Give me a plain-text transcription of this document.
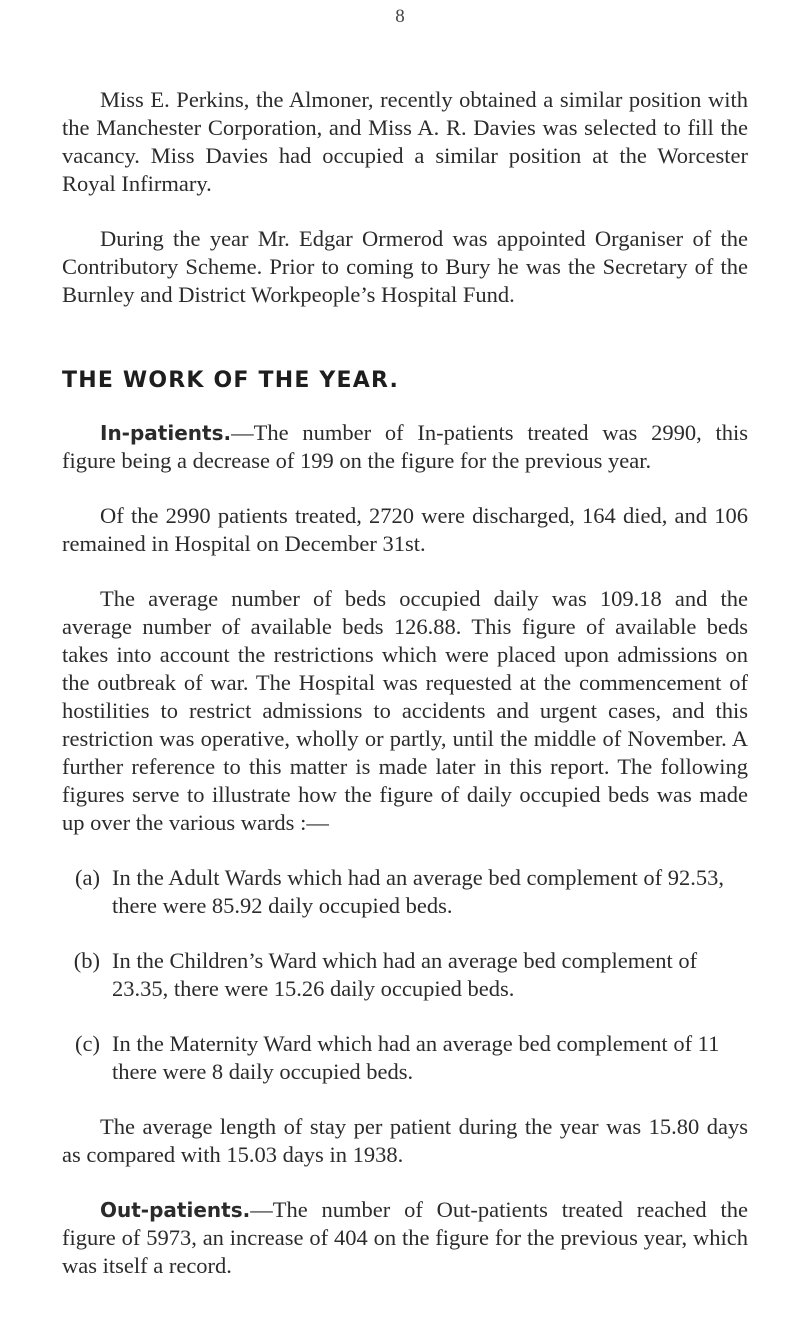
8

Miss E. Perkins, the Almoner, recently obtained a similar position with the Manchester Corporation, and Miss A. R. Davies was selected to fill the vacancy. Miss Davies had occupied a similar position at the Worcester Royal Infirmary.

During the year Mr. Edgar Ormerod was appointed Organiser of the Contributory Scheme. Prior to coming to Bury he was the Secretary of the Burnley and District Workpeople’s Hospital Fund.

THE WORK OF THE YEAR.

In-patients.—The number of In-patients treated was 2990, this figure being a decrease of 199 on the figure for the previous year.

Of the 2990 patients treated, 2720 were discharged, 164 died, and 106 remained in Hospital on December 31st.

The average number of beds occupied daily was 109.18 and the average number of available beds 126.88. This figure of available beds takes into account the restrictions which were placed upon admissions on the outbreak of war. The Hospital was requested at the commencement of hostilities to restrict admissions to accidents and urgent cases, and this restriction was operative, wholly or partly, until the middle of November. A further reference to this matter is made later in this report. The following figures serve to illustrate how the figure of daily occupied beds was made up over the various wards :—

(a) In the Adult Wards which had an average bed complement of 92.53, there were 85.92 daily occupied beds.
(b) In the Children’s Ward which had an average bed complement of 23.35, there were 15.26 daily occupied beds.
(c) In the Maternity Ward which had an average bed complement of 11 there were 8 daily occupied beds.

The average length of stay per patient during the year was 15.80 days as compared with 15.03 days in 1938.

Out-patients.—The number of Out-patients treated reached the figure of 5973, an increase of 404 on the figure for the previous year, which was itself a record.
